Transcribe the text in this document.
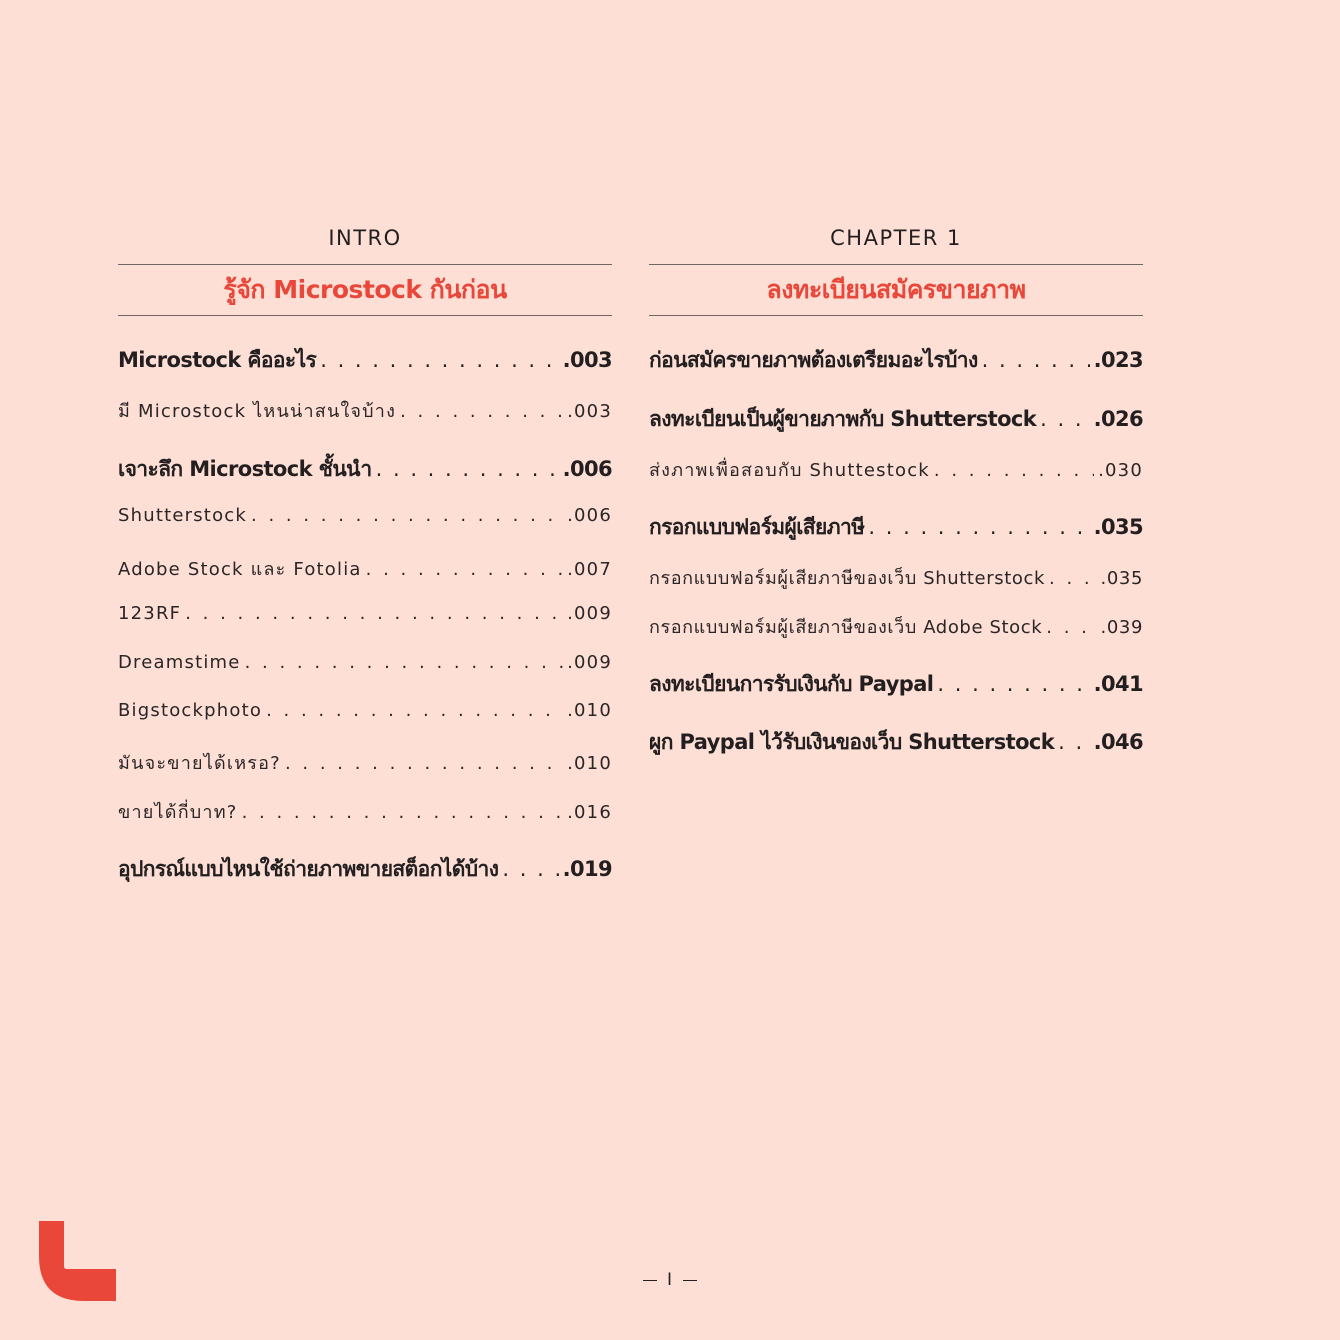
INTRO
รู้จัก Microstock กันก่อน
Microstock คืออะไร . . .	.003
มี Microstock ไหนน่าสนใจบ้าง . . .	.003
เจาะลึก Microstock ชั้นนำ . . .	.006
Shutterstock . . .	.006
Adobe Stock และ Fotolia . . .	.007
123RF . . .	.009
Dreamstime . . .	.009
Bigstockphoto . . .	.010
มันจะขายได้เหรอ? . . .	.010
ขายได้กี่บาท? . . .	.016
อุปกรณ์แบบไหนใช้ถ่ายภาพขายสต็อกได้บ้าง . . .	.019
CHAPTER 1
ลงทะเบียนสมัครขายภาพ
ก่อนสมัครขายภาพต้องเตรียมอะไรบ้าง . . .	.023
ลงทะเบียนเป็นผู้ขายภาพกับ Shutterstock . . .	.026
ส่งภาพเพื่อสอบกับ Shuttestock . . .	.030
กรอกแบบฟอร์มผู้เสียภาษี . . .	.035
กรอกแบบฟอร์มผู้เสียภาษีของเว็บ Shutterstock . . .	.035
กรอกแบบฟอร์มผู้เสียภาษีของเว็บ Adobe Stock . . .	.039
ลงทะเบียนการรับเงินกับ Paypal . . .	.041
ผูก Paypal ไว้รับเงินของเว็บ Shutterstock . . . .046
I
